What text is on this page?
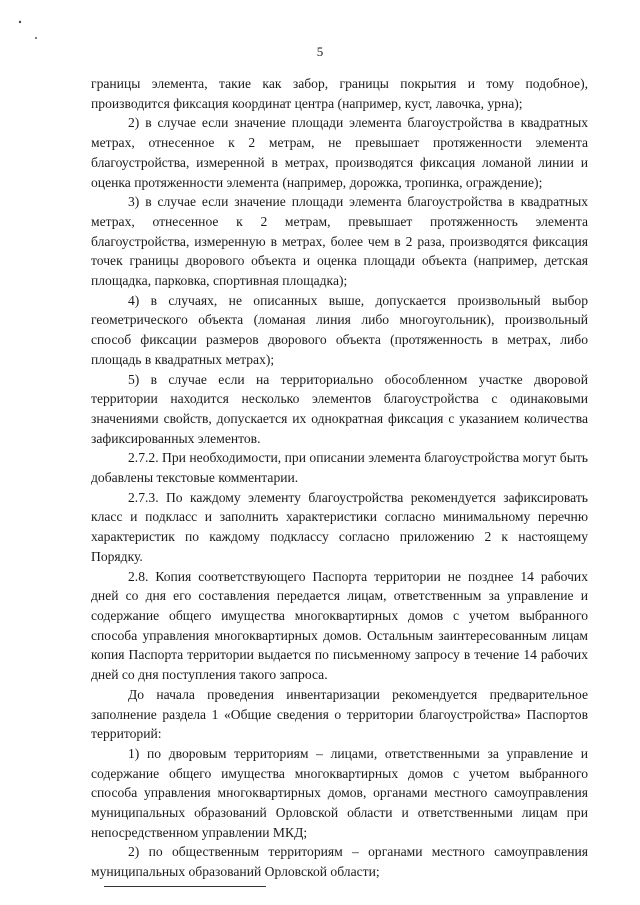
5

границы элемента, такие как забор, границы покрытия и тому подобное), производится фиксация координат центра (например, куст, лавочка, урна);

2) в случае если значение площади элемента благоустройства в квадратных метрах, отнесенное к 2 метрам, не превышает протяженности элемента благоустройства, измеренной в метрах, производятся фиксация ломаной линии и оценка протяженности элемента (например, дорожка, тропинка, ограждение);

3) в случае если значение площади элемента благоустройства в квадратных метрах, отнесенное к 2 метрам, превышает протяженность элемента благоустройства, измеренную в метрах, более чем в 2 раза, производятся фиксация точек границы дворового объекта и оценка площади объекта (например, детская площадка, парковка, спортивная площадка);

4) в случаях, не описанных выше, допускается произвольный выбор геометрического объекта (ломаная линия либо многоугольник), произвольный способ фиксации размеров дворового объекта (протяженность в метрах, либо площадь в квадратных метрах);

5) в случае если на территориально обособленном участке дворовой территории находится несколько элементов благоустройства с одинаковыми значениями свойств, допускается их однократная фиксация с указанием количества зафиксированных элементов.

2.7.2. При необходимости, при описании элемента благоустройства могут быть добавлены текстовые комментарии.

2.7.3. По каждому элементу благоустройства рекомендуется зафиксировать класс и подкласс и заполнить характеристики согласно минимальному перечню характеристик по каждому подклассу согласно приложению 2 к настоящему Порядку.

2.8. Копия соответствующего Паспорта территории не позднее 14 рабочих дней со дня его составления передается лицам, ответственным за управление и содержание общего имущества многоквартирных домов с учетом выбранного способа управления многоквартирных домов. Остальным заинтересованным лицам копия Паспорта территории выдается по письменному запросу в течение 14 рабочих дней со дня поступления такого запроса.

До начала проведения инвентаризации рекомендуется предварительное заполнение раздела 1 «Общие сведения о территории благоустройства» Паспортов территорий:

1) по дворовым территориям – лицами, ответственными за управление и содержание общего имущества многоквартирных домов с учетом выбранного способа управления многоквартирных домов, органами местного самоуправления муниципальных образований Орловской области и ответственными лицам при непосредственном управлении МКД;

2) по общественным территориям – органами местного самоуправления муниципальных образований Орловской области;
